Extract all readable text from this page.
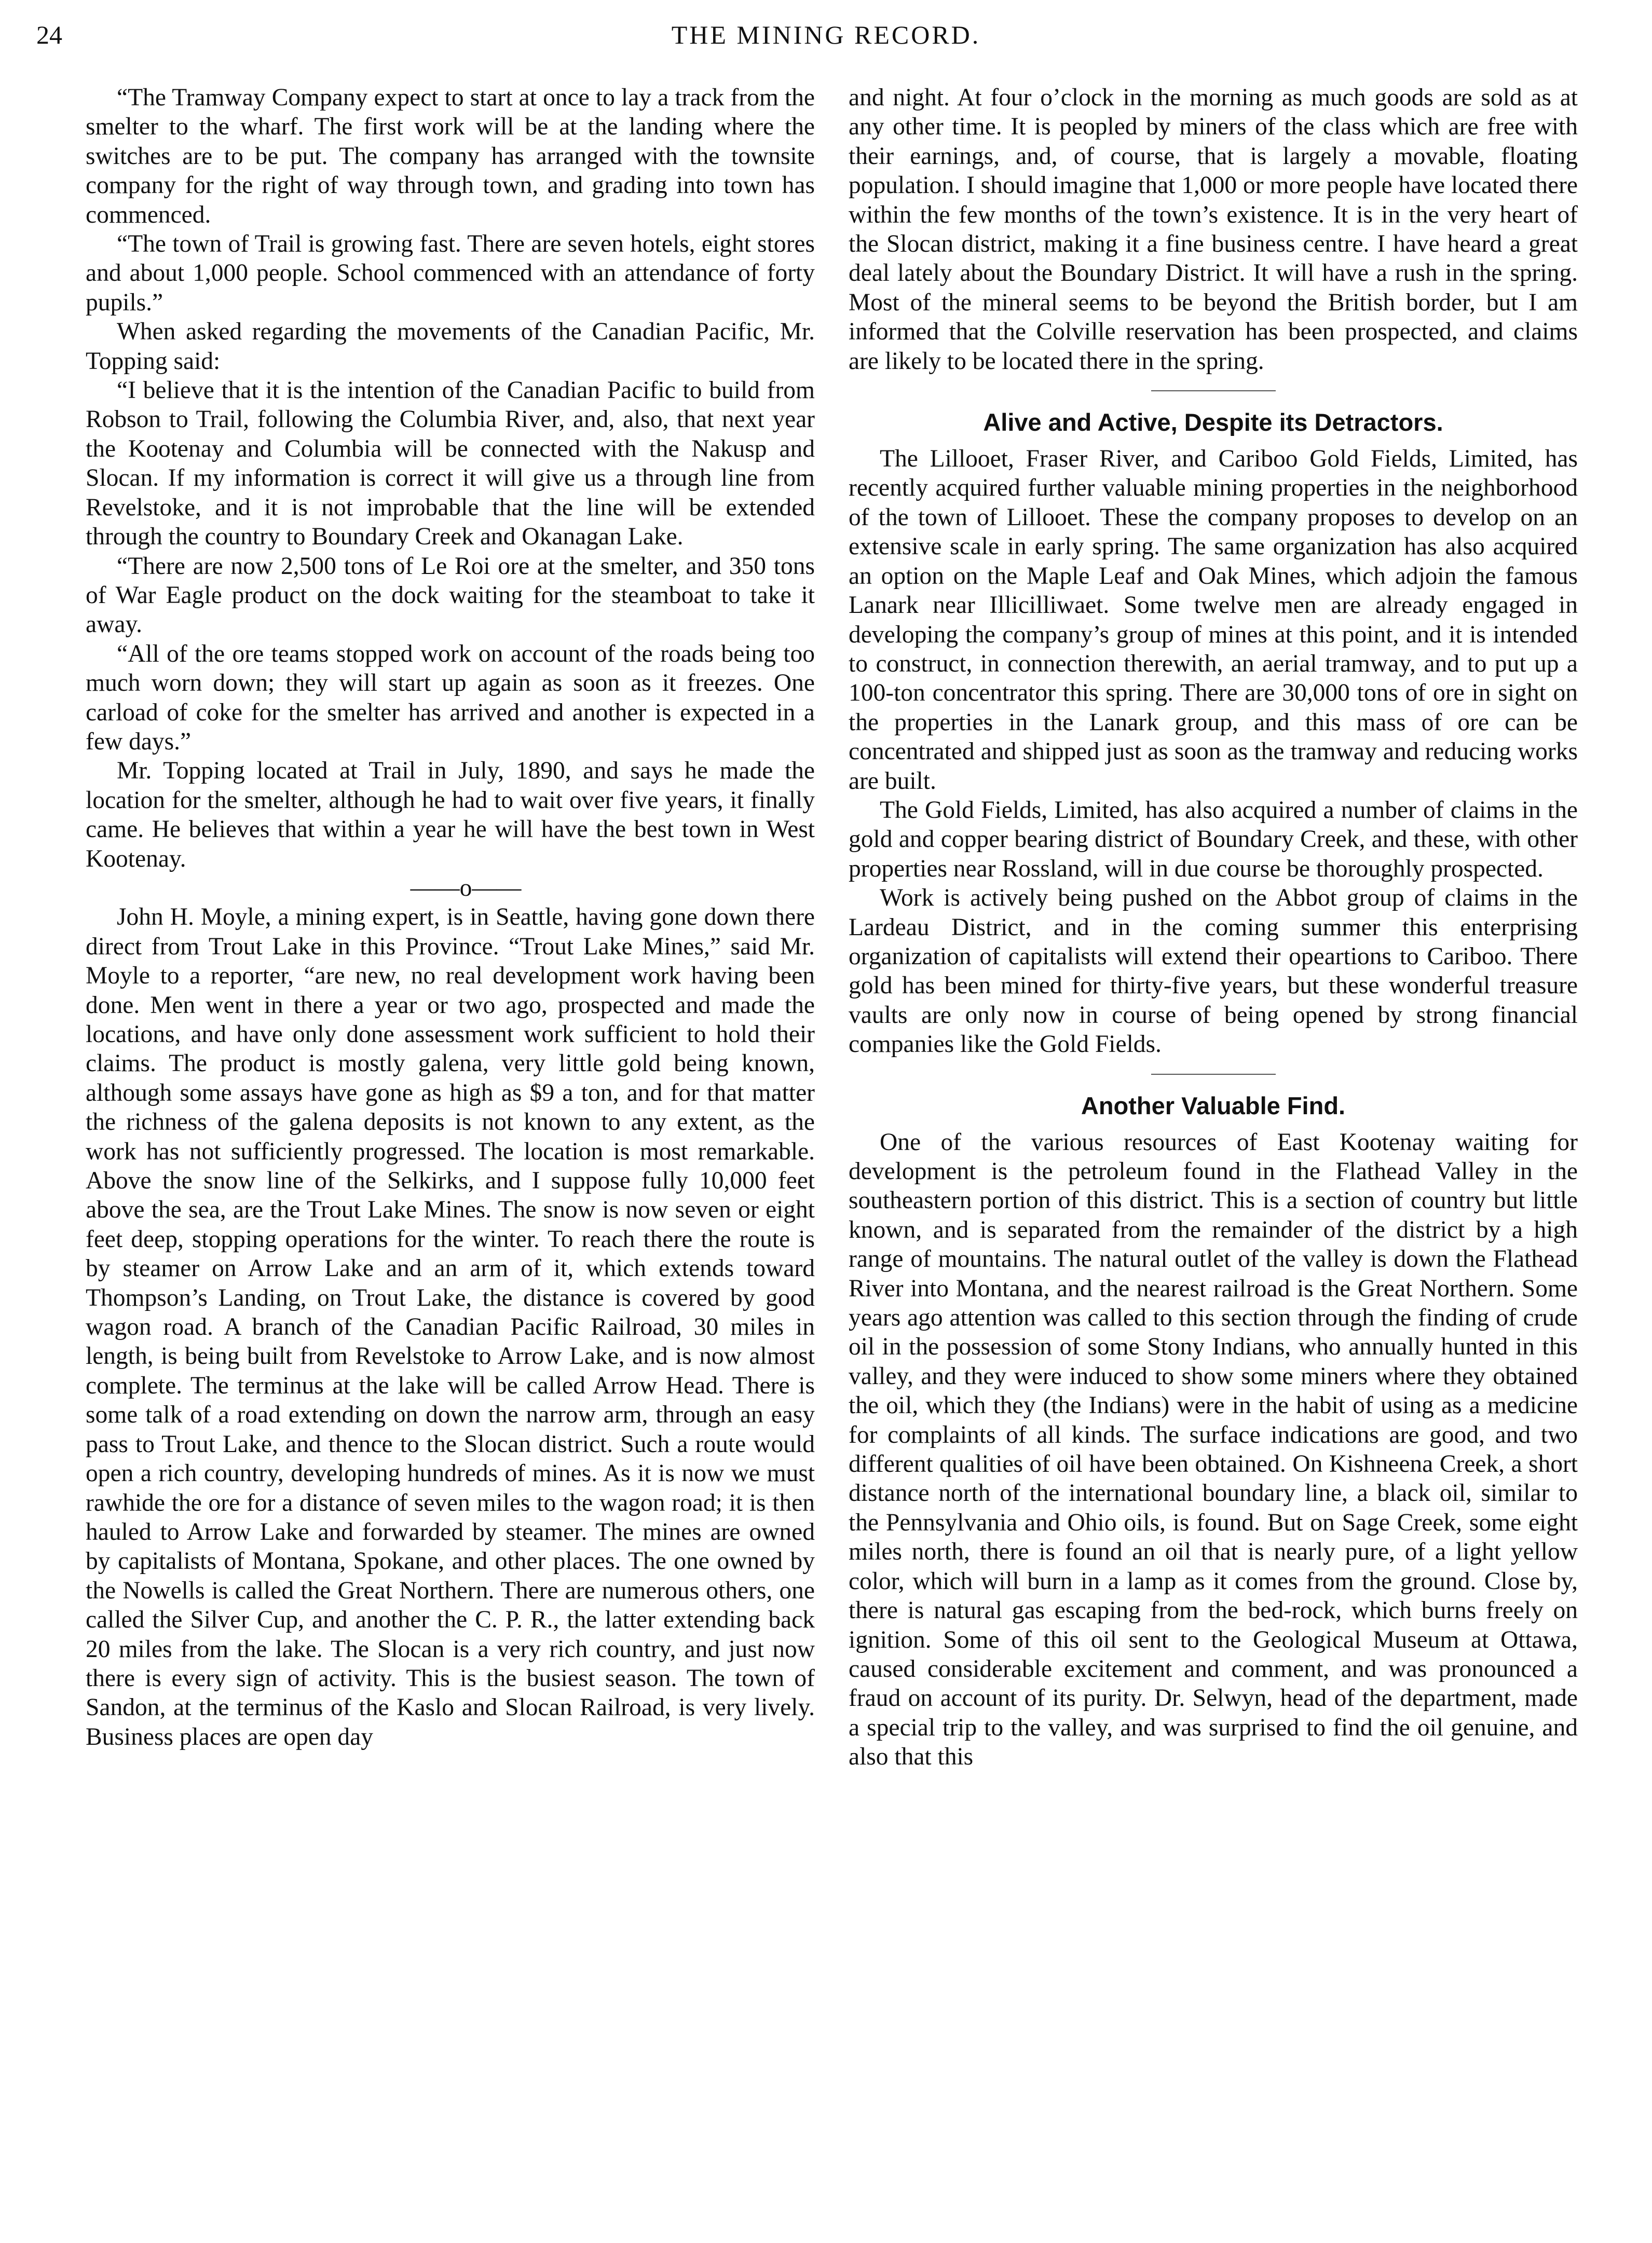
24	THE MINING RECORD.

“The Tramway Company expect to start at once to lay a track from the smelter to the wharf. The first work will be at the landing where the switches are to be put. The company has arranged with the townsite company for the right of way through town, and grading into town has commenced.

“The town of Trail is growing fast. There are seven hotels, eight stores and about 1,000 people. School commenced with an attendance of forty pupils.”

When asked regarding the movements of the Canadian Pacific, Mr. Topping said:

“I believe that it is the intention of the Canadian Pacific to build from Robson to Trail, following the Columbia River, and, also, that next year the Kootenay and Columbia will be connected with the Nakusp and Slocan. If my information is correct it will give us a through line from Revelstoke, and it is not improbable that the line will be extended through the country to Boundary Creek and Okanagan Lake.

“There are now 2,500 tons of Le Roi ore at the smelter, and 350 tons of War Eagle product on the dock waiting for the steamboat to take it away.

“All of the ore teams stopped work on account of the roads being too much worn down; they will start up again as soon as it freezes. One carload of coke for the smelter has arrived and another is expected in a few days.”

Mr. Topping located at Trail in July, 1890, and says he made the location for the smelter, although he had to wait over five years, it finally came. He believes that within a year he will have the best town in West Kootenay.

——o——

John H. Moyle, a mining expert, is in Seattle, having gone down there direct from Trout Lake in this Province. “Trout Lake Mines,” said Mr. Moyle to a reporter, “are new, no real development work having been done. Men went in there a year or two ago, prospected and made the locations, and have only done assessment work sufficient to hold their claims. The product is mostly galena, very little gold being known, although some assays have gone as high as $9 a ton, and for that matter the richness of the galena deposits is not known to any extent, as the work has not sufficiently progressed. The location is most remarkable. Above the snow line of the Selkirks, and I suppose fully 10,000 feet above the sea, are the Trout Lake Mines. The snow is now seven or eight feet deep, stopping operations for the winter. To reach there the route is by steamer on Arrow Lake and an arm of it, which extends toward Thompson’s Landing, on Trout Lake, the distance is covered by good wagon road. A branch of the Canadian Pacific Railroad, 30 miles in length, is being built from Revelstoke to Arrow Lake, and is now almost complete. The terminus at the lake will be called Arrow Head. There is some talk of a road extending on down the narrow arm, through an easy pass to Trout Lake, and thence to the Slocan district. Such a route would open a rich country, developing hundreds of mines. As it is now we must rawhide the ore for a distance of seven miles to the wagon road; it is then hauled to Arrow Lake and forwarded by steamer. The mines are owned by capitalists of Montana, Spokane, and other places. The one owned by the Nowells is called the Great Northern. There are numerous others, one called the Silver Cup, and another the C. P. R., the latter extending back 20 miles from the lake. The Slocan is a very rich country, and just now there is every sign of activity. This is the busiest season. The town of Sandon, at the terminus of the Kaslo and Slocan Railroad, is very lively. Business places are open day

and night. At four o’clock in the morning as much goods are sold as at any other time. It is peopled by miners of the class which are free with their earnings, and, of course, that is largely a movable, floating population. I should imagine that 1,000 or more people have located there within the few months of the town’s existence. It is in the very heart of the Slocan district, making it a fine business centre. I have heard a great deal lately about the Boundary District. It will have a rush in the spring. Most of the mineral seems to be beyond the British border, but I am informed that the Colville reservation has been prospected, and claims are likely to be located there in the spring.

Alive and Active, Despite its Detractors.

The Lillooet, Fraser River, and Cariboo Gold Fields, Limited, has recently acquired further valuable mining properties in the neighborhood of the town of Lillooet. These the company proposes to develop on an extensive scale in early spring. The same organization has also acquired an option on the Maple Leaf and Oak Mines, which adjoin the famous Lanark near Illicilliwaet. Some twelve men are already engaged in developing the company’s group of mines at this point, and it is intended to construct, in connection therewith, an aerial tramway, and to put up a 100-ton concentrator this spring. There are 30,000 tons of ore in sight on the properties in the Lanark group, and this mass of ore can be concentrated and shipped just as soon as the tramway and reducing works are built.

The Gold Fields, Limited, has also acquired a number of claims in the gold and copper bearing district of Boundary Creek, and these, with other properties near Rossland, will in due course be thoroughly prospected.

Work is actively being pushed on the Abbot group of claims in the Lardeau District, and in the coming summer this enterprising organization of capitalists will extend their opeartions to Cariboo. There gold has been mined for thirty-five years, but these wonderful treasure vaults are only now in course of being opened by strong financial companies like the Gold Fields.

Another Valuable Find.

One of the various resources of East Kootenay waiting for development is the petroleum found in the Flathead Valley in the southeastern portion of this district. This is a section of country but little known, and is separated from the remainder of the district by a high range of mountains. The natural outlet of the valley is down the Flathead River into Montana, and the nearest railroad is the Great Northern. Some years ago attention was called to this section through the finding of crude oil in the possession of some Stony Indians, who annually hunted in this valley, and they were induced to show some miners where they obtained the oil, which they (the Indians) were in the habit of using as a medicine for complaints of all kinds. The surface indications are good, and two different qualities of oil have been obtained. On Kishneena Creek, a short distance north of the international boundary line, a black oil, similar to the Pennsylvania and Ohio oils, is found. But on Sage Creek, some eight miles north, there is found an oil that is nearly pure, of a light yellow color, which will burn in a lamp as it comes from the ground. Close by, there is natural gas escaping from the bed-rock, which burns freely on ignition. Some of this oil sent to the Geological Museum at Ottawa, caused considerable excitement and comment, and was pronounced a fraud on account of its purity. Dr. Selwyn, head of the department, made a special trip to the valley, and was surprised to find the oil genuine, and also that this
